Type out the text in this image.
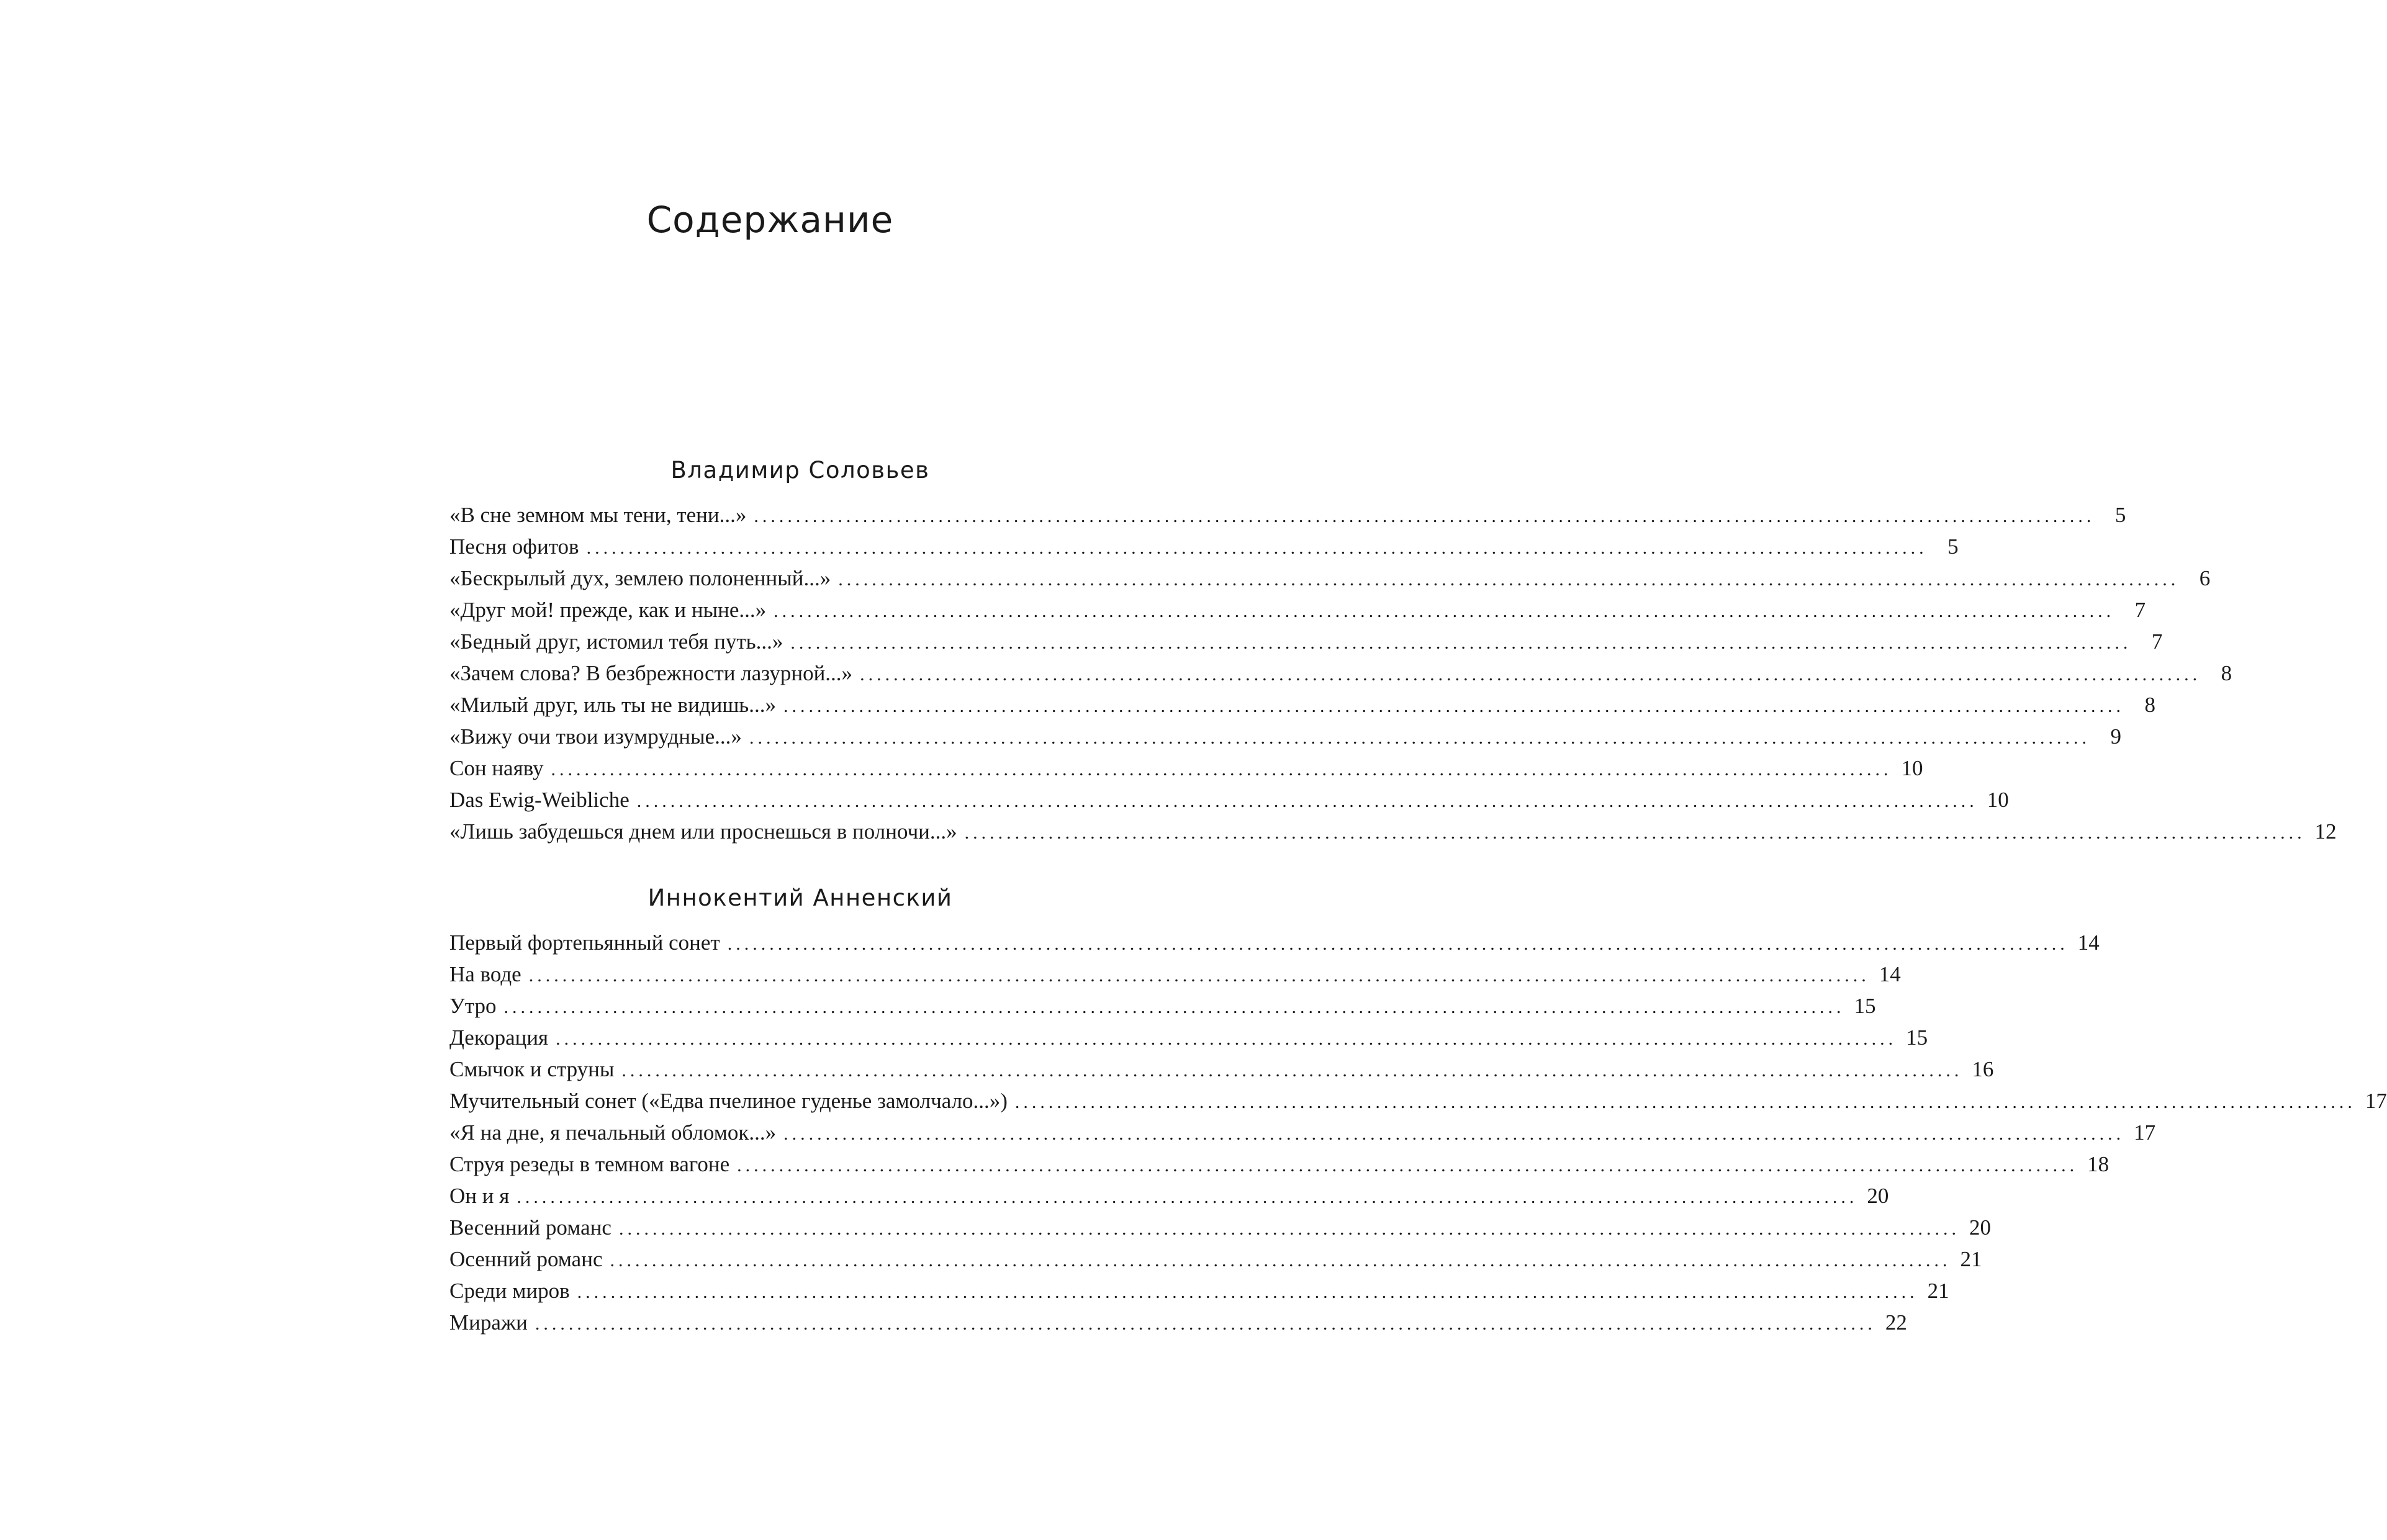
Содержание
Владимир Соловьев
«В сне земном мы тени, тени...» ................................................................................................................................................................ 5
Песня офитов ................................................................................................................................................................ 5
«Бескрылый дух, землею полоненный...» ................................................................................................................................................................ 6
«Друг мой! прежде, как и ныне...» ................................................................................................................................................................ 7
«Бедный друг, истомил тебя путь...» ................................................................................................................................................................ 7
«Зачем слова? В безбрежности лазурной...» ................................................................................................................................................................ 8
«Милый друг, иль ты не видишь...» ................................................................................................................................................................ 8
«Вижу очи твои изумрудные...» ................................................................................................................................................................ 9
Сон наяву ................................................................................................................................................................ 10
Das Ewig-Weibliche ................................................................................................................................................................ 10
«Лишь забудешься днем или проснешься в полночи...» ................................................................................................................................................................ 12
Иннокентий Анненский
Первый фортепьянный сонет ................................................................................................................................................................ 14
На воде ................................................................................................................................................................ 14
Утро ................................................................................................................................................................ 15
Декорация ................................................................................................................................................................ 15
Смычок и струны ................................................................................................................................................................ 16
Мучительный сонет («Едва пчелиное гуденье замолчало...») ................................................................................................................................................................ 17
«Я на дне, я печальный обломок...» ................................................................................................................................................................ 17
Струя резеды в темном вагоне ................................................................................................................................................................ 18
Он и я ................................................................................................................................................................ 20
Весенний романс ................................................................................................................................................................ 20
Осенний романс ................................................................................................................................................................ 21
Среди миров ................................................................................................................................................................ 21
Миражи ................................................................................................................................................................ 22
